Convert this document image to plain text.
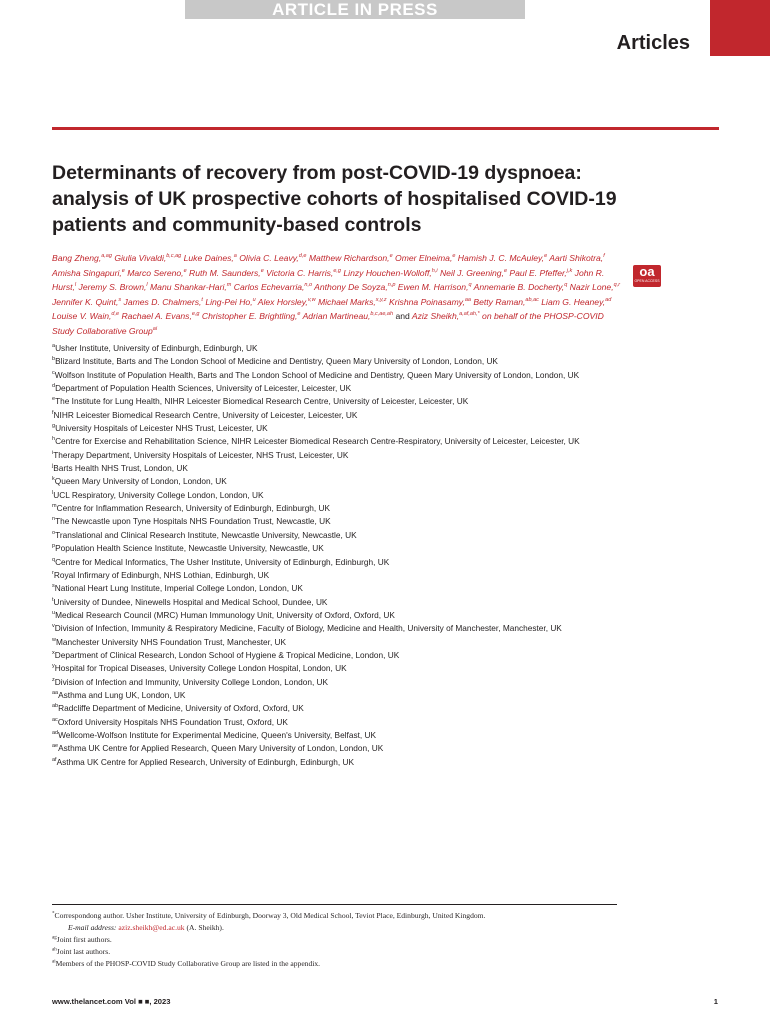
ARTICLE IN PRESS
Articles
Determinants of recovery from post-COVID-19 dyspnoea: analysis of UK prospective cohorts of hospitalised COVID-19 patients and community-based controls
Bang Zheng,$^{a,ag}$ Giulia Vivaldi,$^{b,c,ag}$ Luke Daines,$^a$ Olivia C. Leavy,$^{d,e}$ Matthew Richardson,$^e$ Omer Elneima,$^e$ Hamish J. C. McAuley,$^e$ Aarti Shikotra,$^f$ Amisha Singapuri,$^e$ Marco Sereno,$^e$ Ruth M. Saunders,$^e$ Victoria C. Harris,$^{e,g}$ Linzy Houchen-Wolloff,$^{h,i}$ Neil J. Greening,$^e$ Paul E. Pfeffer,$^{j,k}$ John R. Hurst,$^l$ Jeremy S. Brown,$^l$ Manu Shankar-Hari,$^m$ Carlos Echevarria,$^{n,o}$ Anthony De Soyza,$^{n,p}$ Ewen M. Harrison,$^q$ Annemarie B. Docherty,$^q$ Nazir Lone,$^{q,r}$ Jennifer K. Quint,$^s$ James D. Chalmers,$^t$ Ling-Pei Ho,$^u$ Alex Horsley,$^{v,w}$ Michael Marks,$^{x,y,z}$ Krishna Poinasamy,$^{aa}$ Betty Raman,$^{ab,ac}$ Liam G. Heaney,$^{ad}$ Louise V. Wain,$^{d,e}$ Rachael A. Evans,$^{e,g}$ Christopher E. Brightling,$^e$ Adrian Martineau,$^{b,c,ae,ah}$ and Aziz Sheikh,$^{a,af,ah,*}$ on behalf of the PHOSP-COVID Study Collaborative Group$^{ai}$
oa
OPEN ACCESS
$^a$Usher Institute, University of Edinburgh, Edinburgh, UK
$^b$Blizard Institute, Barts and The London School of Medicine and Dentistry, Queen Mary University of London, London, UK
$^c$Wolfson Institute of Population Health, Barts and The London School of Medicine and Dentistry, Queen Mary University of London, London, UK
$^d$Department of Population Health Sciences, University of Leicester, Leicester, UK
$^e$The Institute for Lung Health, NIHR Leicester Biomedical Research Centre, University of Leicester, Leicester, UK
$^f$NIHR Leicester Biomedical Research Centre, University of Leicester, Leicester, UK
$^g$University Hospitals of Leicester NHS Trust, Leicester, UK
$^h$Centre for Exercise and Rehabilitation Science, NIHR Leicester Biomedical Research Centre-Respiratory, University of Leicester, Leicester, UK
$^i$Therapy Department, University Hospitals of Leicester, NHS Trust, Leicester, UK
$^j$Barts Health NHS Trust, London, UK
$^k$Queen Mary University of London, London, UK
$^l$UCL Respiratory, University College London, London, UK
$^m$Centre for Inflammation Research, University of Edinburgh, Edinburgh, UK
$^n$The Newcastle upon Tyne Hospitals NHS Foundation Trust, Newcastle, UK
$^o$Translational and Clinical Research Institute, Newcastle University, Newcastle, UK
$^p$Population Health Science Institute, Newcastle University, Newcastle, UK
$^q$Centre for Medical Informatics, The Usher Institute, University of Edinburgh, Edinburgh, UK
$^r$Royal Infirmary of Edinburgh, NHS Lothian, Edinburgh, UK
$^s$National Heart Lung Institute, Imperial College London, London, UK
$^t$University of Dundee, Ninewells Hospital and Medical School, Dundee, UK
$^u$Medical Research Council (MRC) Human Immunology Unit, University of Oxford, Oxford, UK
$^v$Division of Infection, Immunity & Respiratory Medicine, Faculty of Biology, Medicine and Health, University of Manchester, Manchester, UK
$^w$Manchester University NHS Foundation Trust, Manchester, UK
$^x$Department of Clinical Research, London School of Hygiene & Tropical Medicine, London, UK
$^y$Hospital for Tropical Diseases, University College London Hospital, London, UK
$^z$Division of Infection and Immunity, University College London, London, UK
$^{aa}$Asthma and Lung UK, London, UK
$^{ab}$Radcliffe Department of Medicine, University of Oxford, Oxford, UK
$^{ac}$Oxford University Hospitals NHS Foundation Trust, Oxford, UK
$^{ad}$Wellcome-Wolfson Institute for Experimental Medicine, Queen's University, Belfast, UK
$^{ae}$Asthma UK Centre for Applied Research, Queen Mary University of London, London, UK
$^{af}$Asthma UK Centre for Applied Research, University of Edinburgh, Edinburgh, UK
*Correspondong author. Usher Institute, University of Edinburgh, Doorway 3, Old Medical School, Teviot Place, Edinburgh, United Kingdom.
E-mail address: aziz.sheikh@ed.ac.uk (A. Sheikh).
$^{ag}$Joint first authors.
$^{ah}$Joint last authors.
$^{ai}$Members of the PHOSP-COVID Study Collaborative Group are listed in the appendix.
www.thelancet.com Vol ■ ■, 2023	1
